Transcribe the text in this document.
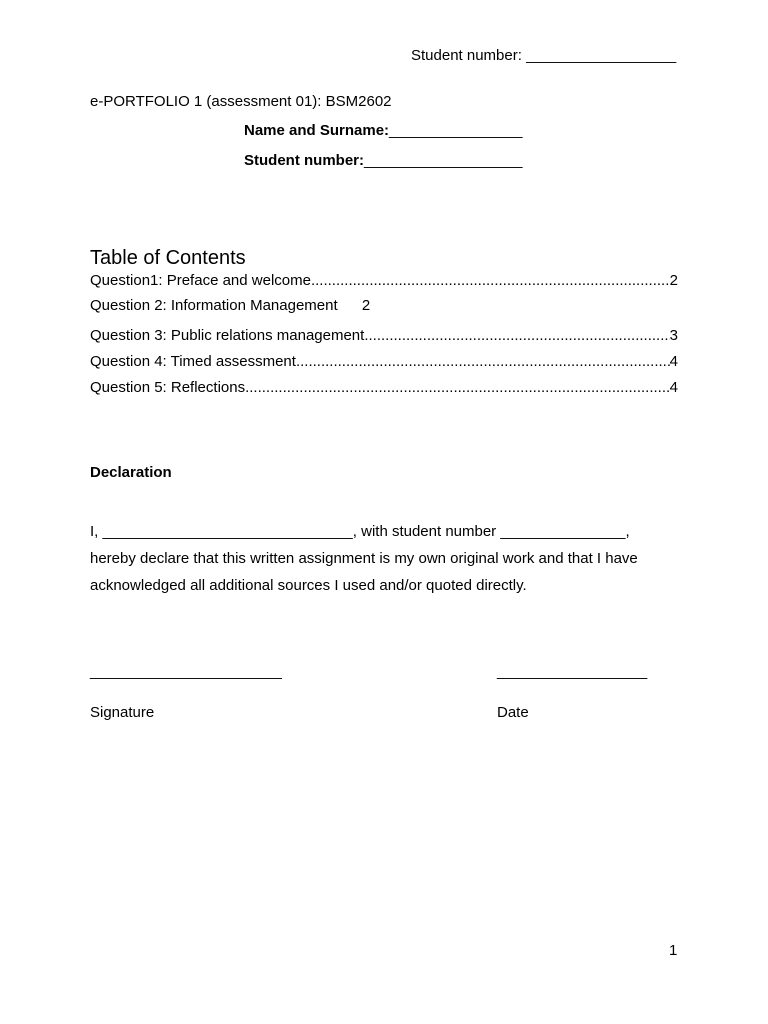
Student number: __________________
e-PORTFOLIO 1 (assessment 01): BSM2602
Name and Surname:________________
Student number:___________________
Table of Contents
Question1: Preface and welcome .....	2
Question 2: Information Management 2
Question 3: Public relations management .....	3
Question 4: Timed assessment .....	4
Question 5: Reflections .....	4
Declaration
I, ______________________________, with student number _______________,
hereby declare that this written assignment is my own original work and that I have
acknowledged all additional sources I used and/or quoted directly.
_______________________	__________________
Signature	Date
1
